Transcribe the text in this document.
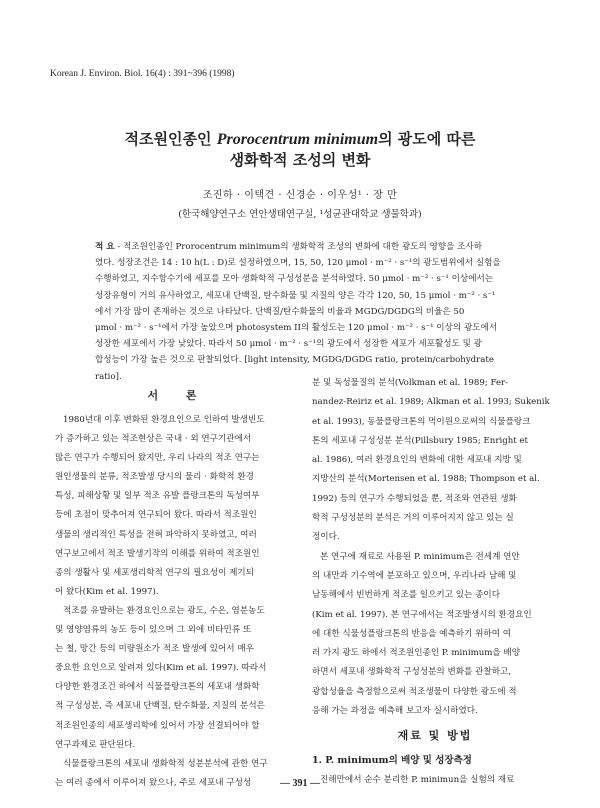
Korean J. Environ. Biol. 16(4) : 391~396 (1998)
적조원인종인 Prorocentrum minimum의 광도에 따른
생화학적 조성의 변화
조진하 · 이택견 · 신경순 · 이우성¹ · 장 만
(한국해양연구소 연안생태연구실, ¹성균관대학교 생물학과)
적 요 - 적조원인종인 Prorocentrum minimum의 생화학적 조성의 변화에 대한 광도의 영향을 조사하
였다. 성장조건은 14 : 10 h(L : D)로 설정하였으며, 15, 50, 120 μmol · m⁻² · s⁻¹의 광도범위에서 실험을
수행하였고, 지수함수기에 세포를 모아 생화학적 구성성분을 분석하였다. 50 μmol · m⁻² · s⁻¹ 이상에서는
성장유형이 거의 유사하였고, 세포내 단백질, 탄수화물 및 지질의 양은 각각 120, 50, 15 μmol · m⁻² · s⁻¹
에서 가장 많이 존재하는 것으로 나타났다. 단백질/탄수화물의 비율과 MGDG/DGDG의 비율은 50
μmol · m⁻² · s⁻¹에서 가장 높았으며 photosystem II의 활성도는 120 μmol · m⁻² · s⁻¹ 이상의 광도에서
성장한 세포에서 가장 낮았다. 따라서 50 μmol · m⁻² · s⁻¹의 광도에서 성장한 세포가 세포활성도 및 광
합성능이 가장 높은 것으로 판찰되었다. [light intensity, MGDG/DGDG ratio, protein/carbohydrate
ratio].
서 론
1980년대 이후 변화된 환경요인으로 인하여 발생빈도
가 증가하고 있는 적조현상은 국내 · 외 연구기관에서
많은 연구가 수행되어 왔지만, 우리 나라의 적조 연구는
원인생물의 분류, 적조발생 당시의 물리 · 화학적 환경
특성, 피해상황 및 일부 적조 유발 플랑크톤의 독성여부
등에 초점이 맞추어져 연구되어 왔다. 따라서 적조원인
생물의 생리적인 특성을 전혀 파악하지 못하였고, 여러
연구보고에서 적조 발생기작의 이해를 위하여 적조원인
종의 생활사 및 세포생리학적 연구의 필요성이 제기되
어 왔다(Kim et al. 1997).
적조를 유발하는 환경요인으로는 광도, 수온, 염분농도
및 영양염류의 농도 등이 있으며 그 외에 비타민류 또
는 철, 망간 등의 미량원소가 적조 발생에 있어서 매우
중요한 요인으로 알려져 있다(Kim et al. 1997). 따라서
다양한 환경조건 하에서 식물플랑크톤의 세포내 생화학
적 구성성분, 즉 세포내 단백질, 탄수화물, 지질의 분석은
적조원인종의 세포생리학에 있어서 가장 선결되어야 할
연구과제로 판단된다.
식물플랑크톤의 세포내 생화학적 성분분석에 관한 연구
는 여러 종에서 이루어져 왔으나, 주로 세포내 구성성
분 및 독성물질의 분석(Volkman et al. 1989; Fer-
nandez-Reiriz et al. 1989; Alkman et al. 1993; Sukenik
et al. 1993), 동물플랑크톤의 먹이원으로써의 식물플랑크
톤의 세포내 구성성분 분석(Pillsbury 1985; Enright et
al. 1986), 여러 환경요인의 변화에 대한 세포내 지방 및
지방산의 분석(Mortensen et al. 1988; Thompson et al.
1992) 등의 연구가 수행되었을 뿐, 적조와 연관된 생화
학적 구성성분의 분석은 거의 이루어지지 않고 있는 실
정이다.
본 연구에 재료로 사용된 P. minimum은 전세계 연안
의 내만과 기수역에 분포하고 있으며, 우리나라 남해 및
남동해에서 빈번하게 적조를 일으키고 있는 종이다
(Kim et al. 1997). 본 연구에서는 적조발생시의 환경요인
에 대한 식물성플랑크톤의 반응을 예측하기 위하여 여
러 가지 광도 하에서 적조원인종인 P. minimum을 배양
하면서 세포내 생화학적 구성성분의 변화를 관찰하고,
광합성율을 측정함으로써 적조생물이 다양한 광도에 적
응해 가는 과정을 예측해 보고자 실시하였다.
재료 및 방법
1. P. minimum의 배양 및 성장측정
진해만에서 순수 분리한 P. minimun을 실험의 재료
— 391 —
